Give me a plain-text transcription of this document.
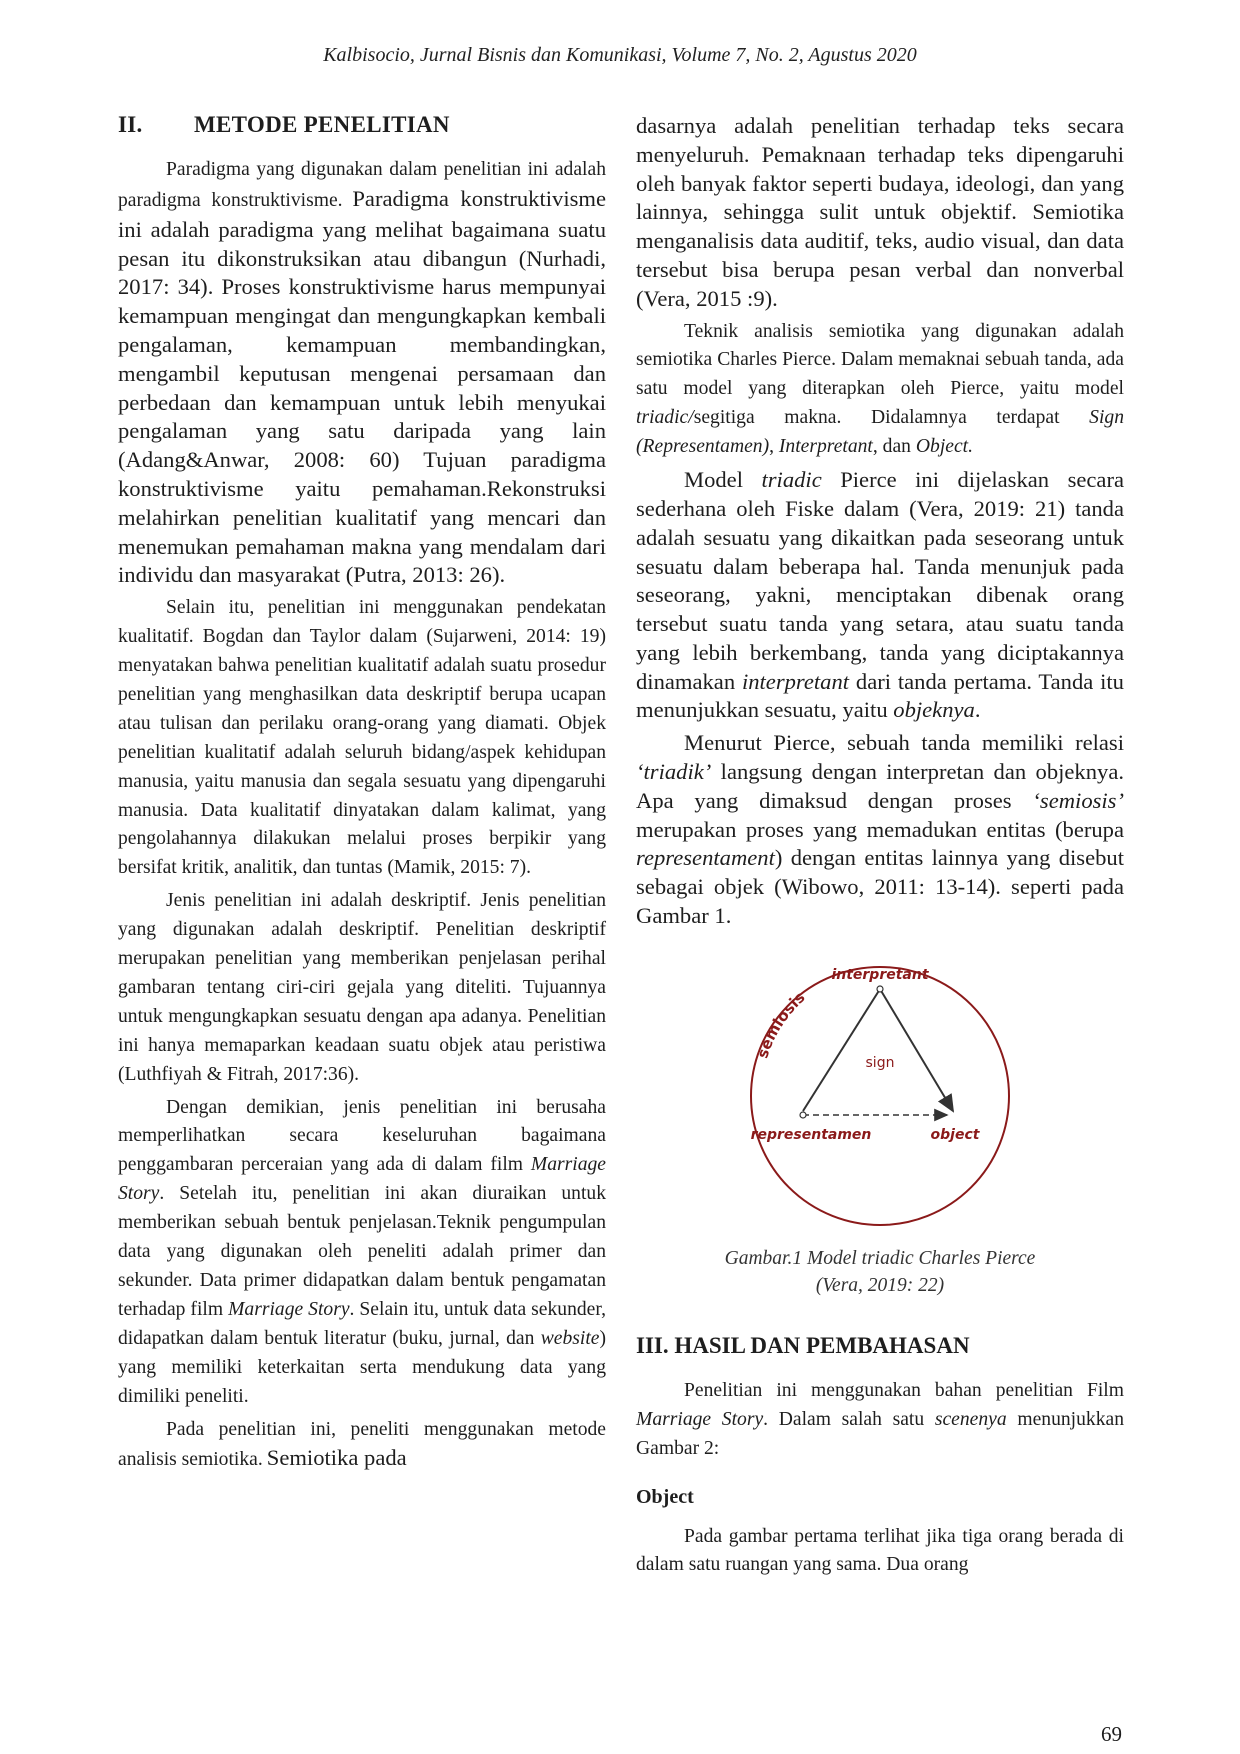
Kalbisocio, Jurnal Bisnis dan Komunikasi, Volume 7, No. 2, Agustus 2020
II. METODE PENELITIAN

Paradigma yang digunakan dalam penelitian ini adalah paradigma konstruktivisme. Paradigma konstruktivisme ini adalah paradigma yang melihat bagaimana suatu pesan itu dikonstruksikan atau dibangun (Nurhadi, 2017: 34). Proses konstruktivisme harus mempunyai kemampuan mengingat dan mengungkapkan kembali pengalaman, kemampuan membandingkan, mengambil keputusan mengenai persamaan dan perbedaan dan kemampuan untuk lebih menyukai pengalaman yang satu daripada yang lain (Adang&Anwar, 2008: 60) Tujuan paradigma konstruktivisme yaitu pemahaman.Rekonstruksi melahirkan penelitian kualitatif yang mencari dan menemukan pemahaman makna yang mendalam dari individu dan masyarakat (Putra, 2013: 26).

Selain itu, penelitian ini menggunakan pendekatan kualitatif. Bogdan dan Taylor dalam (Sujarweni, 2014: 19) menyatakan bahwa penelitian kualitatif adalah suatu prosedur penelitian yang menghasilkan data deskriptif berupa ucapan atau tulisan dan perilaku orang-orang yang diamati. Objek penelitian kualitatif adalah seluruh bidang/aspek kehidupan manusia, yaitu manusia dan segala sesuatu yang dipengaruhi manusia. Data kualitatif dinyatakan dalam kalimat, yang pengolahannya dilakukan melalui proses berpikir yang bersifat kritik, analitik, dan tuntas (Mamik, 2015: 7).

Jenis penelitian ini adalah deskriptif. Jenis penelitian yang digunakan adalah deskriptif. Penelitian deskriptif merupakan penelitian yang memberikan penjelasan perihal gambaran tentang ciri-ciri gejala yang diteliti. Tujuannya untuk mengungkapkan sesuatu dengan apa adanya. Penelitian ini hanya memaparkan keadaan suatu objek atau peristiwa (Luthfiyah & Fitrah, 2017:36).

Dengan demikian, jenis penelitian ini berusaha memperlihatkan secara keseluruhan bagaimana penggambaran perceraian yang ada di dalam film Marriage Story. Setelah itu, penelitian ini akan diuraikan untuk memberikan sebuah bentuk penjelasan.Teknik pengumpulan data yang digunakan oleh peneliti adalah primer dan sekunder. Data primer didapatkan dalam bentuk pengamatan terhadap film Marriage Story. Selain itu, untuk data sekunder, didapatkan dalam bentuk literatur (buku, jurnal, dan website) yang memiliki keterkaitan serta mendukung data yang dimiliki peneliti.

Pada penelitian ini, peneliti menggunakan metode analisis semiotika. Semiotika pada

dasarnya adalah penelitian terhadap teks secara menyeluruh. Pemaknaan terhadap teks dipengaruhi oleh banyak faktor seperti budaya, ideologi, dan yang lainnya, sehingga sulit untuk objektif. Semiotika menganalisis data auditif, teks, audio visual, dan data tersebut bisa berupa pesan verbal dan nonverbal (Vera, 2015 :9).

Teknik analisis semiotika yang digunakan adalah semiotika Charles Pierce. Dalam memaknai sebuah tanda, ada satu model yang diterapkan oleh Pierce, yaitu model triadic/segitiga makna. Didalamnya terdapat Sign (Representamen), Interpretant, dan Object.

Model triadic Pierce ini dijelaskan secara sederhana oleh Fiske dalam (Vera, 2019: 21) tanda adalah sesuatu yang dikaitkan pada seseorang untuk sesuatu dalam beberapa hal. Tanda menunjuk pada seseorang, yakni, menciptakan dibenak orang tersebut suatu tanda yang setara, atau suatu tanda yang lebih berkembang, tanda yang diciptakannya dinamakan interpretant dari tanda pertama. Tanda itu menunjukkan sesuatu, yaitu objeknya.

Menurut Pierce, sebuah tanda memiliki relasi ‘triadik’ langsung dengan interpretan dan objeknya. Apa yang dimaksud dengan proses ‘semiosis’ merupakan proses yang memadukan entitas (berupa representament) dengan entitas lainnya yang disebut sebagai objek (Wibowo, 2011: 13-14). seperti pada Gambar 1.

semiosis
interpretant
sign
representamen	object
Gambar.1 Model triadic Charles Pierce
(Vera, 2019: 22)
III. HASIL DAN PEMBAHASAN

Penelitian ini menggunakan bahan penelitian Film Marriage Story. Dalam salah satu scenenya menunjukkan Gambar 2:

Object

Pada gambar pertama terlihat jika tiga orang berada di dalam satu ruangan yang sama. Dua orang

69
